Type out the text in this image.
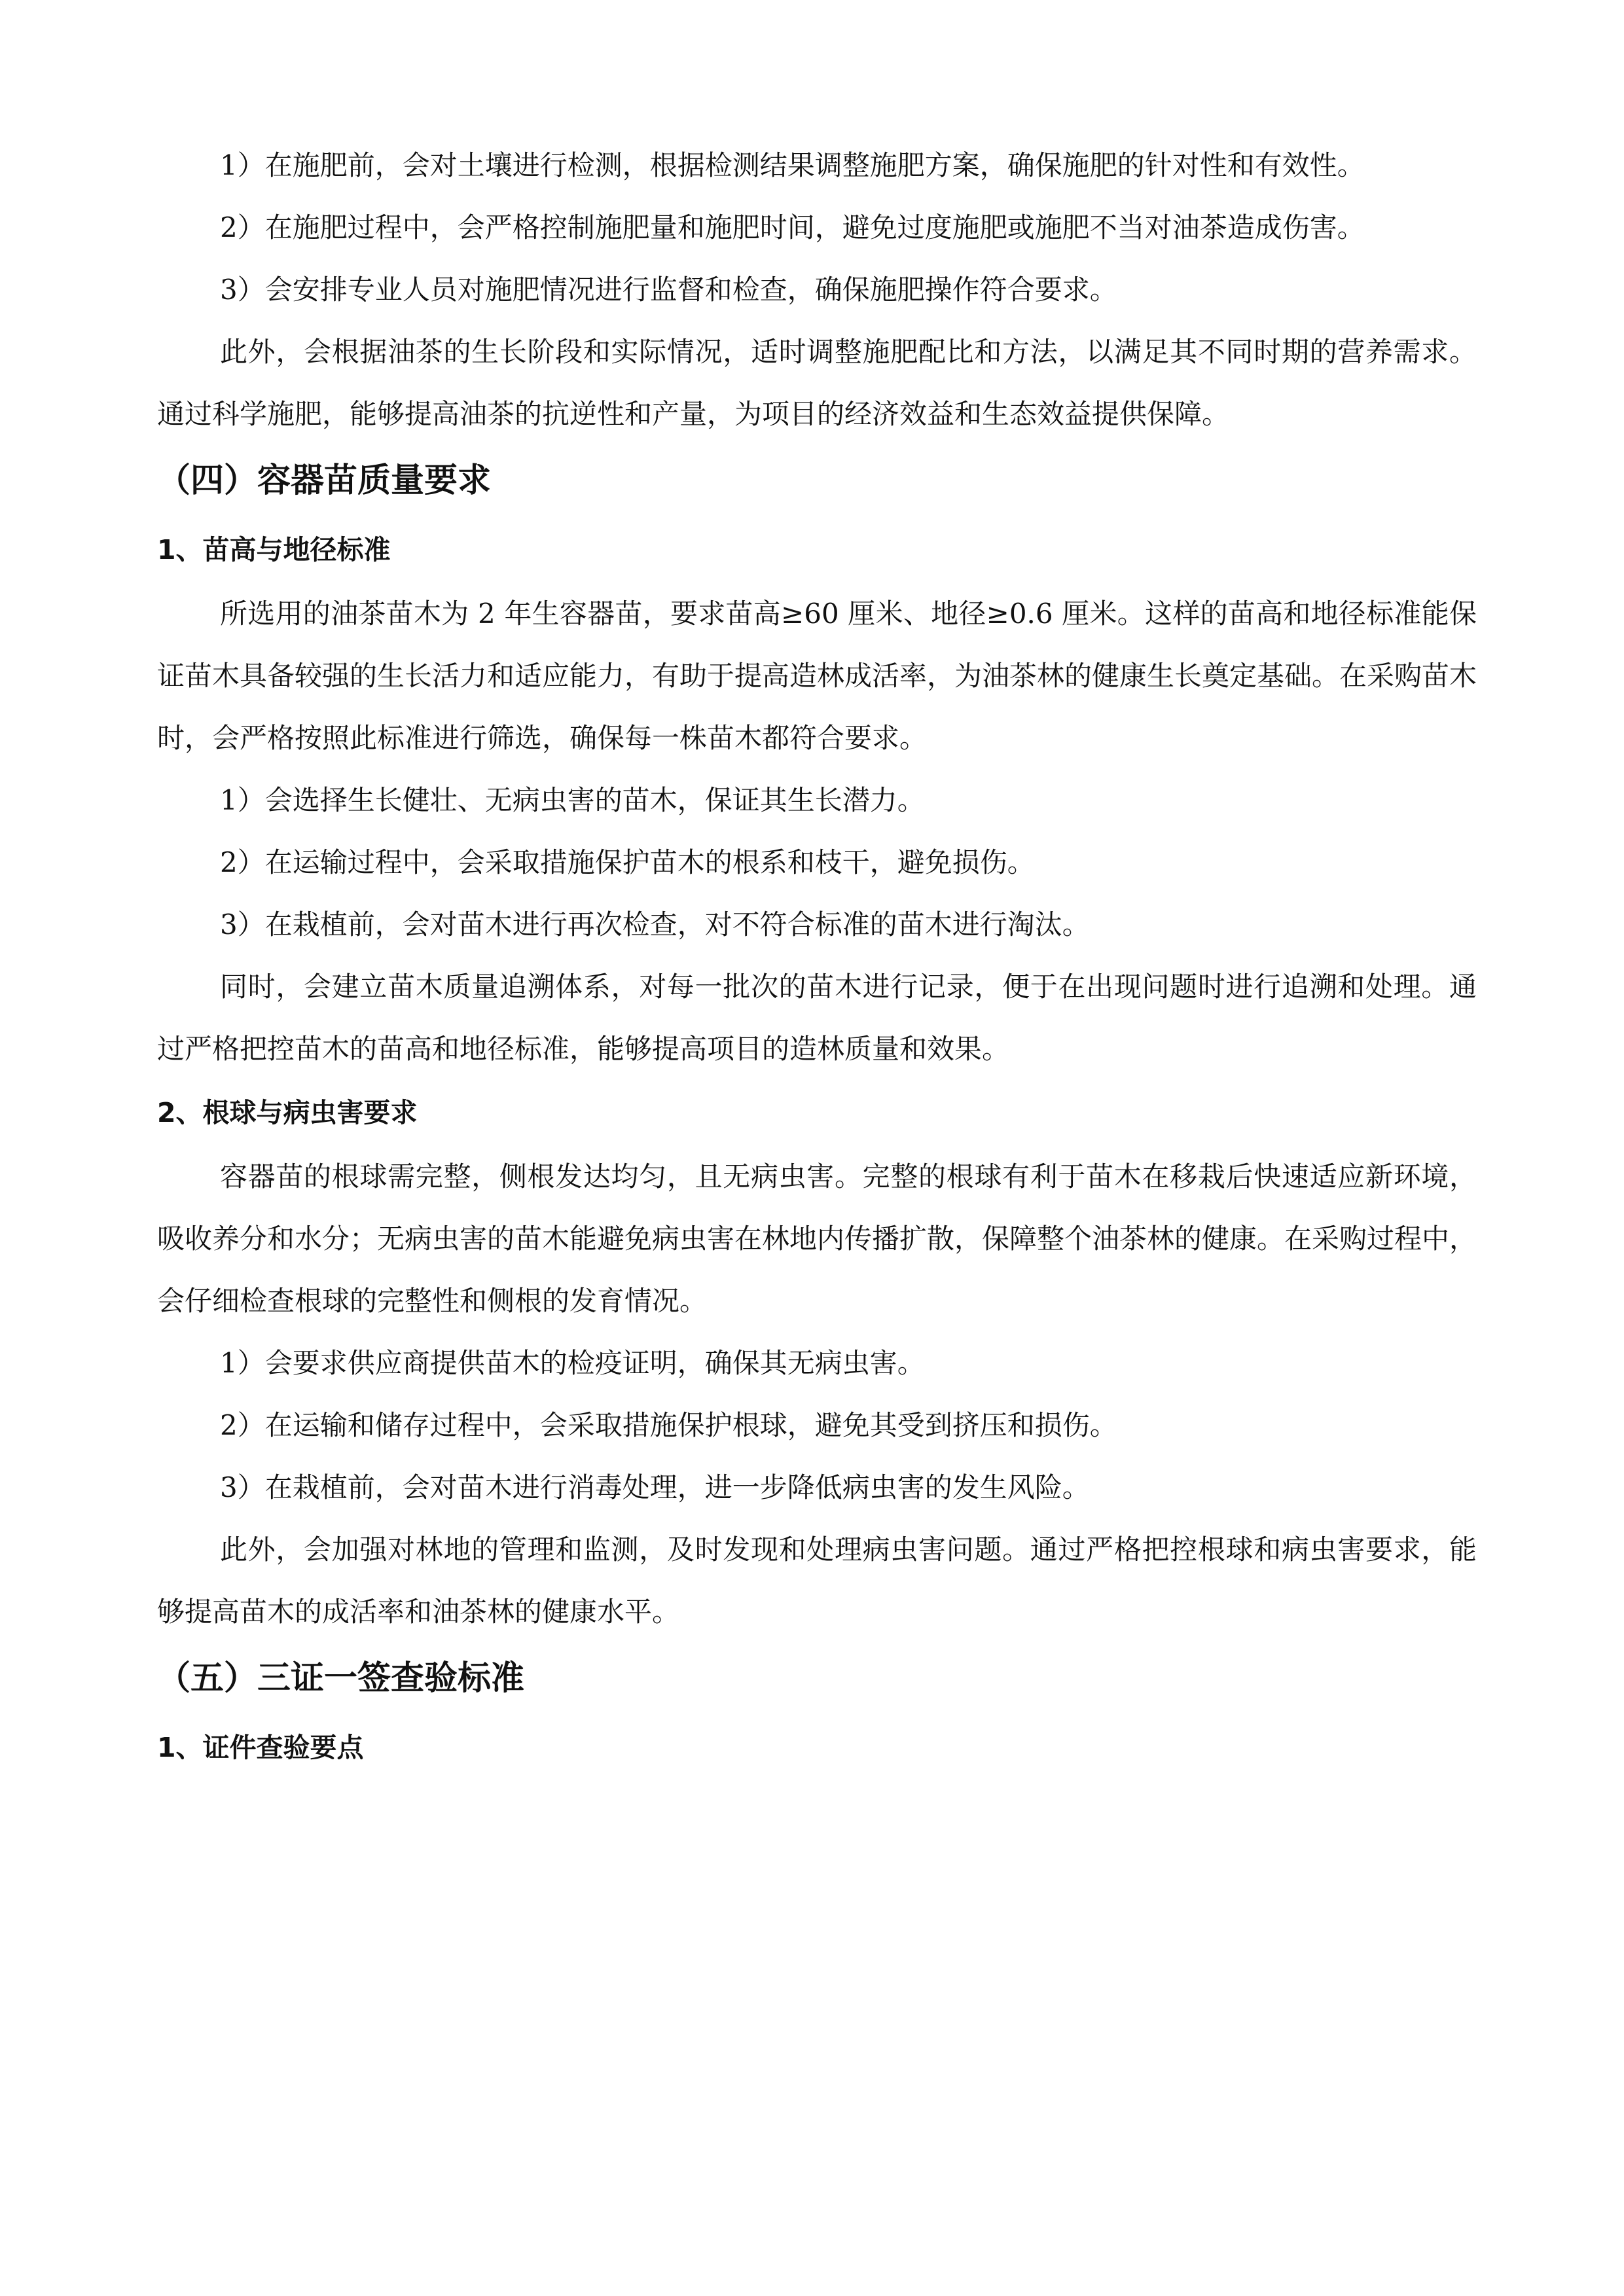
1）在施肥前，会对土壤进行检测，根据检测结果调整施肥方案，确保施肥的针对性和有效性。

2）在施肥过程中，会严格控制施肥量和施肥时间，避免过度施肥或施肥不当对油茶造成伤害。

3）会安排专业人员对施肥情况进行监督和检查，确保施肥操作符合要求。

此外，会根据油茶的生长阶段和实际情况，适时调整施肥配比和方法，以满足其不同时期的营养需求。通过科学施肥，能够提高油茶的抗逆性和产量，为项目的经济效益和生态效益提供保障。

（四）容器苗质量要求
1、苗高与地径标准

所选用的油茶苗木为 2 年生容器苗，要求苗高≥60 厘米、地径≥0.6 厘米。这样的苗高和地径标准能保证苗木具备较强的生长活力和适应能力，有助于提高造林成活率，为油茶林的健康生长奠定基础。在采购苗木时，会严格按照此标准进行筛选，确保每一株苗木都符合要求。

1）会选择生长健壮、无病虫害的苗木，保证其生长潜力。

2）在运输过程中，会采取措施保护苗木的根系和枝干，避免损伤。

3）在栽植前，会对苗木进行再次检查，对不符合标准的苗木进行淘汰。

同时，会建立苗木质量追溯体系，对每一批次的苗木进行记录，便于在出现问题时进行追溯和处理。通过严格把控苗木的苗高和地径标准，能够提高项目的造林质量和效果。

2、根球与病虫害要求

容器苗的根球需完整，侧根发达均匀，且无病虫害。完整的根球有利于苗木在移栽后快速适应新环境，吸收养分和水分；无病虫害的苗木能避免病虫害在林地内传播扩散，保障整个油茶林的健康。在采购过程中，会仔细检查根球的完整性和侧根的发育情况。

1）会要求供应商提供苗木的检疫证明，确保其无病虫害。

2）在运输和储存过程中，会采取措施保护根球，避免其受到挤压和损伤。

3）在栽植前，会对苗木进行消毒处理，进一步降低病虫害的发生风险。

此外，会加强对林地的管理和监测，及时发现和处理病虫害问题。通过严格把控根球和病虫害要求，能够提高苗木的成活率和油茶林的健康水平。

（五）三证一签查验标准
1、证件查验要点
